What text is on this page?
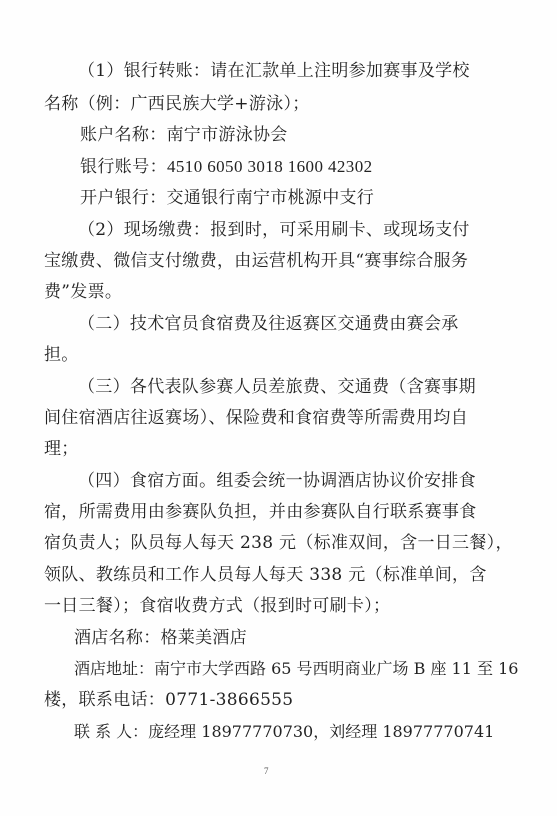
（1）银行转账：请在汇款单上注明参加赛事及学校
名称（例：广西民族大学+游泳）；
账户名称：南宁市游泳协会
银行账号：4510 6050 3018 1600 42302
开户银行：交通银行南宁市桃源中支行
（2）现场缴费：报到时，可采用刷卡、或现场支付
宝缴费、微信支付缴费，由运营机构开具“赛事综合服务
费”发票。
（二）技术官员食宿费及往返赛区交通费由赛会承
担。
（三）各代表队参赛人员差旅费、交通费（含赛事期
间住宿酒店往返赛场）、保险费和食宿费等所需费用均自
理；
（四）食宿方面。组委会统一协调酒店协议价安排食
宿，所需费用由参赛队负担，并由参赛队自行联系赛事食
宿负责人；队员每人每天 238 元（标准双间，含一日三餐），
领队、教练员和工作人员每人每天 338 元（标准单间，含
一日三餐）；食宿收费方式（报到时可刷卡）；
酒店名称：格莱美酒店
酒店地址：南宁市大学西路 65 号西明商业广场 B 座 11 至 16
楼，联系电话：0771-3866555
联 系 人：庞经理 18977770730，刘经理 18977770741
7
